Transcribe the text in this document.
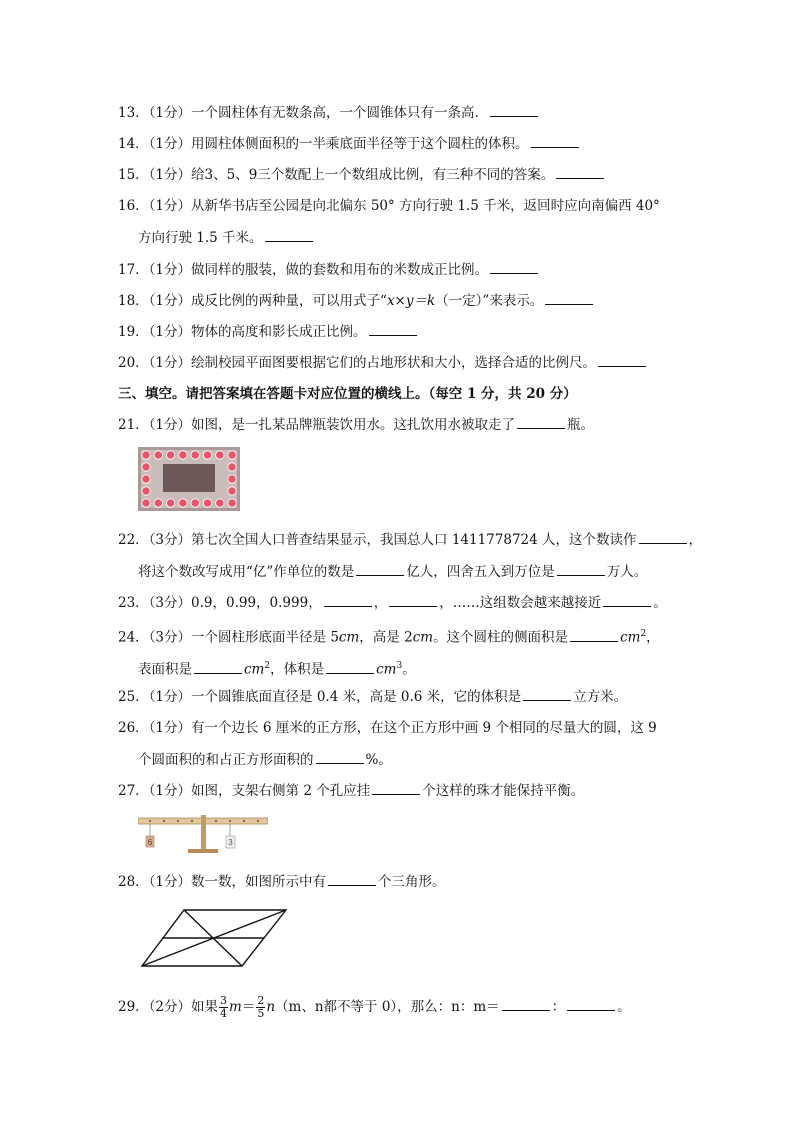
13．（1分）一个圆柱体有无数条高，一个圆锥体只有一条高．
14．（1分）用圆柱体侧面积的一半乘底面半径等于这个圆柱的体积。
15．（1分）给3、5、9三个数配上一个数组成比例，有三种不同的答案。
16．（1分）从新华书店至公园是向北偏东 50° 方向行驶 1.5 千米，返回时应向南偏西 40°
方向行驶 1.5 千米。
17．（1分）做同样的服装，做的套数和用布的米数成正比例。
18．（1分）成反比例的两种量，可以用式子“x×y＝k（一定）”来表示。
19．（1分）物体的高度和影长成正比例。
20．（1分）绘制校园平面图要根据它们的占地形状和大小，选择合适的比例尺。
三、填空。请把答案填在答题卡对应位置的横线上。（每空 1 分，共 20 分）
21．（1分）如图，是一扎某品牌瓶装饮用水。这扎饮用水被取走了	瓶。
22．（3分）第七次全国人口普查结果显示，我国总人口 1411778724 人，这个数读作	，
将这个数改写成用“亿”作单位的数是	亿人，四舍五入到万位是	万人。
23．（3分）0.9，0.99，0.999，	，	，……这组数会越来越接近	。
24．（3分）一个圆柱形底面半径是 5cm，高是 2cm。这个圆柱的侧面积是	$cm^2$，
表面积是	$cm^2$，体积是	$cm^3$。
25．（1分）一个圆锥底面直径是 0.4 米，高是 0.6 米，它的体积是	立方米。
26．（1分）有一个边长 6 厘米的正方形，在这个正方形中画 9 个相同的尽量大的圆，这 9
个圆面积的和占正方形面积的	%。
27．（1分）如图，支架右侧第 2 个孔应挂	个这样的珠才能保持平衡。
6	3
28．（1分）数一数，如图所示中有	个三角形。
29．（2分）如果 $\frac{3}{4} m= \frac{2}{5} n(m$、n都不等于 0），那么：n：m＝	：	。
